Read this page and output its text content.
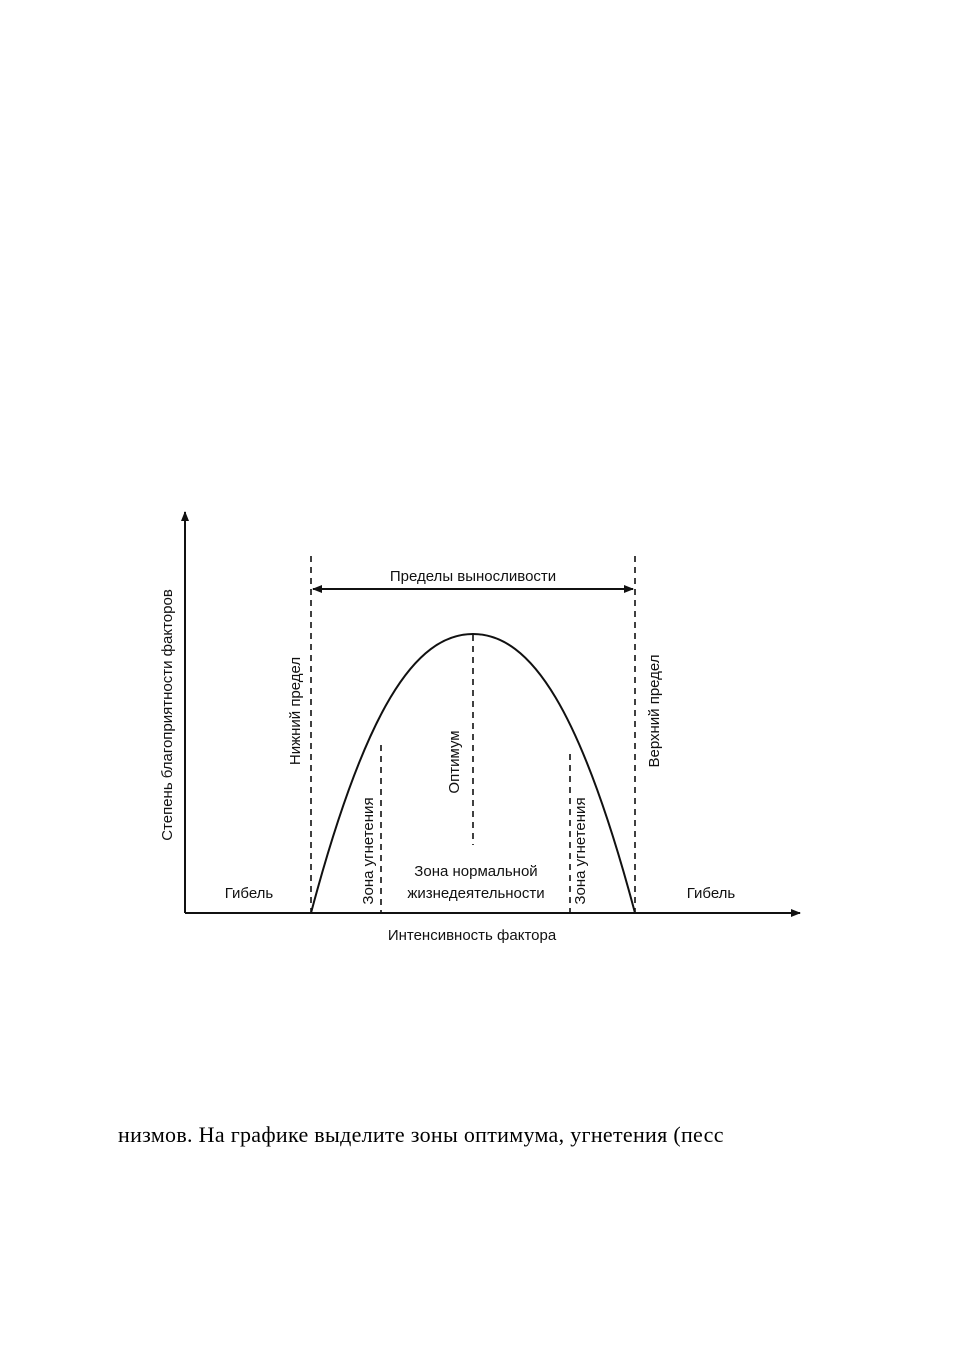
Пределы выносливости
Степень благоприятности факторов	Нижний предел	Верхний предел
Оптимум
Зона угнетения	Зона угнетения
Гибель	Гибель
Зона нормальной
жизнедеятельности
Интенсивность фактора
низмов. На графике выделите зоны оптимума, угнетения (песс
